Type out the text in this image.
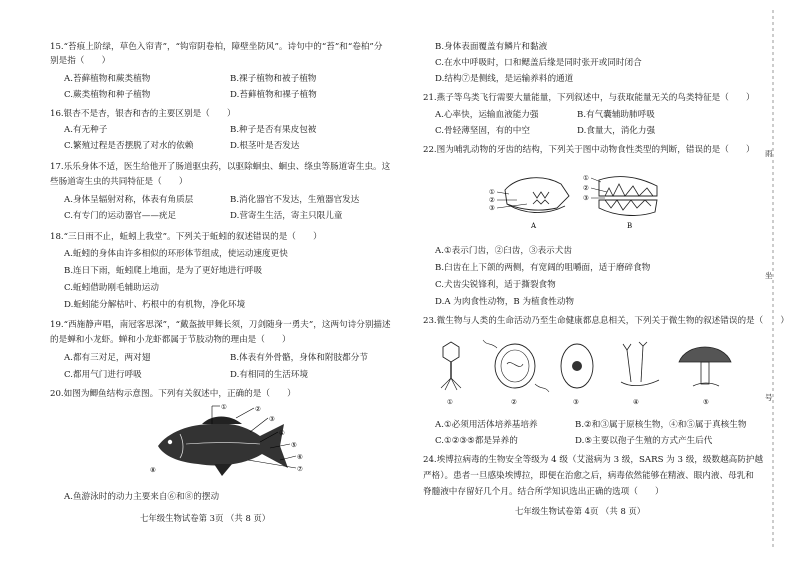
15.“苔痕上阶绿，草色入帘青”，“钩帘阴卷柏，障壁坐防风”。诗句中的“苔”和“卷柏”分
别是指（　　）
A.苔藓植物和蕨类植物	B.裸子植物和被子植物
C.蕨类植物和种子植物	D.苔藓植物和裸子植物
16.银杏不是杏，银杏和杏的主要区别是（　　）
A.有无种子	B.种子是否有果皮包被
C.繁殖过程是否摆脱了对水的依赖	D.根茎叶是否发达
17.乐乐身体不适，医生给他开了肠道驱虫药，以驱除蛔虫、蛔虫、绦虫等肠道寄生虫。这
些肠道寄生虫的共同特征是（　　）
A.身体呈辐射对称，体表有角质层	B.消化器官不发达，生殖器官发达
C.有专门的运动器官——疣足	D.营寄生生活，寄主只限儿童
18.“三日雨不止，蚯蚓上我堂”。下列关于蚯蚓的叙述错误的是（　　）
A.蚯蚓的身体由许多相似的环形体节组成，使运动速度更快
B.连日下雨，蚯蚓爬上地面，是为了更好地进行呼吸
C.蚯蚓借助刚毛辅助运动
D.蚯蚓能分解枯叶、朽根中的有机物，净化环境
19.“西施静声唱，南冠客思深”，“戴盔披甲舞长须，刀剑随身一勇夫”，这两句诗分别描述
的是蝉和小龙虾。蝉和小龙虾都属于节肢动物的理由是（　　）
A.都有三对足，两对翅	B.体表有外骨骼，身体和附肢都分节
C.都用气门进行呼吸	D.有相同的生活环境
20.如图为鲫鱼结构示意图。下列有关叙述中，正确的是（　　）
①	②
③
④
⑤
⑥
⑦
⑧
A.鱼游泳时的动力主要来自⑥和⑧的摆动
七年级生物试卷第 3页 （共 8 页）
B.身体表面覆盖有鳞片和黏液
C.在水中呼吸时，口和鳃盖后缘是同时张开或同时闭合
D.结构⑦是侧线，是运输养料的通道
21.燕子等鸟类飞行需要大量能量，下列叙述中，与获取能量无关的鸟类特征是（　　）
A.心率快，运输血液能力强	B.有气囊辅助肺呼吸
C.骨轻薄坚固，有的中空	D.食量大，消化力强
22.图为哺乳动物的牙齿的结构，下列关于图中动物食性类型的判断，错误的是（　　）
①
②
③
A
①
②
③
B
A.①表示门齿，②臼齿，③表示犬齿
B.臼齿在上下颌的两侧，有宽阔的咀嚼面，适于磨碎食物
C.犬齿尖锐锋利，适于撕裂食物
D.A 为肉食性动物，B 为植食性动物
23.微生物与人类的生命活动乃至生命健康都息息相关，下列关于微生物的叙述错误的是（　　）
①	②	③	④	⑤
A.①必须用活体培养基培养	B.②和③属于原核生物，④和⑤属于真核生物
C.①②③⑤都是异养的	D.⑤主要以孢子生殖的方式产生后代
24.埃博拉病毒的生物安全等级为 4 级（艾滋病为 3 级，SARS 为 3 级，级数越高防护越
严格）。患者一旦感染埃博拉，即便在治愈之后，病毒依然能够在精液、眼内液、母乳和
脊髓液中存留好几个月。结合所学知识选出正确的选项（　　）
七年级生物试卷第 4页 （共 8 页）
雨
坐
号
